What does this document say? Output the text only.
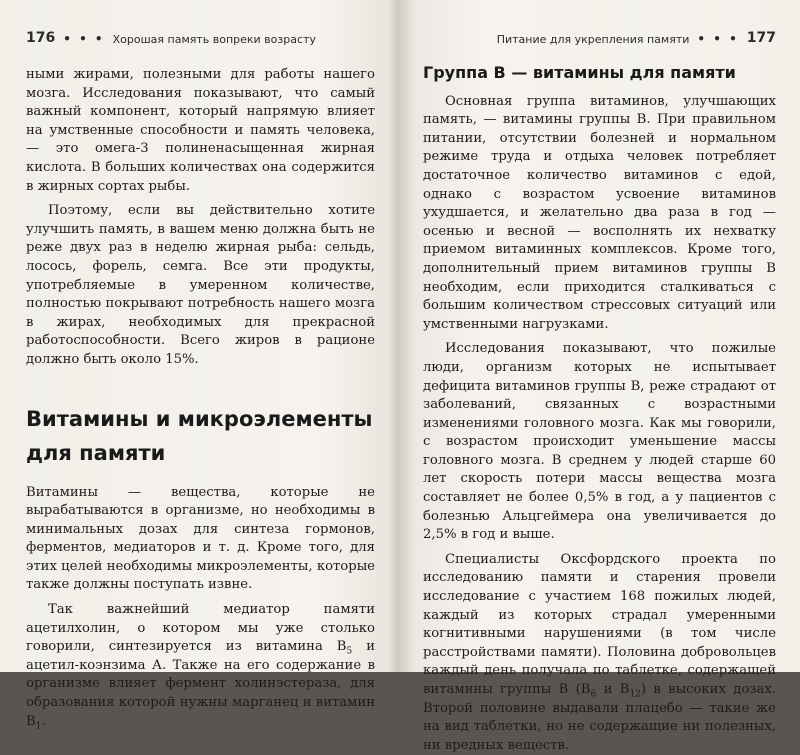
176 • • • Хорошая память вопреки возрасту

ными жирами, полезными для работы нашего мозга. Исследования показывают, что самый важный компонент, который напрямую влияет на умственные способности и память человека, — это омега-3 полиненасыщенная жирная кислота. В больших количествах она содержится в жирных сортах рыбы.

Поэтому, если вы действительно хотите улучшить память, в вашем меню должна быть не реже двух раз в неделю жирная рыба: сельдь, лосось, форель, семга. Все эти продукты, употребляемые в умеренном количестве, полностью покрывают потребность нашего мозга в жирах, необходимых для прекрасной работоспособности. Всего жиров в рационе должно быть около 15%.

Витамины и микроэлементы для памяти

Витамины — вещества, которые не вырабатываются в организме, но необходимы в минимальных дозах для синтеза гормонов, ферментов, медиаторов и т. д. Кроме того, для этих целей необходимы микроэлементы, которые также должны поступать извне.

Так важнейший медиатор памяти ацетилхолин, о котором мы уже столько говорили, синтезируется из витамина $В_5$ и ацетил-коэнзима А. Также на его содержание в организме влияет фермент холинэстераза, для образования которой нужны марганец и витамин $В_1$.

Питание для укрепления памяти • • • 177
Группа В — витамины для памяти

Основная группа витаминов, улучшающих память, — витамины группы В. При правильном питании, отсутствии болезней и нормальном режиме труда и отдыха человек потребляет достаточное количество витаминов с едой, однако с возрастом усвоение витаминов ухудшается, и желательно два раза в год — осенью и весной — восполнять их нехватку приемом витаминных комплексов. Кроме того, дополнительный прием витаминов группы В необходим, если приходится сталкиваться с большим количеством стрессовых ситуаций или умственными нагрузками.

Исследования показывают, что пожилые люди, организм которых не испытывает дефицита витаминов группы В, реже страдают от заболеваний, связанных с возрастными изменениями головного мозга. Как мы говорили, с возрастом происходит уменьшение массы головного мозга. В среднем у людей старше 60 лет скорость потери массы вещества мозга составляет не более 0,5% в год, а у пациентов с болезнью Альцгеймера она увеличивается до 2,5% в год и выше.

Специалисты Оксфордского проекта по исследованию памяти и старения провели исследование с участием 168 пожилых людей, каждый из которых страдал умеренными когнитивными нарушениями (в том числе расстройствами памяти). Половина добровольцев каждый день получала по таблетке, содержащей витамины группы В ($В_6$ и $В_{12}$) в высоких дозах. Второй половине выдавали плацебо — такие же на вид таблетки, но не содержащие ни полезных, ни вредных веществ.
